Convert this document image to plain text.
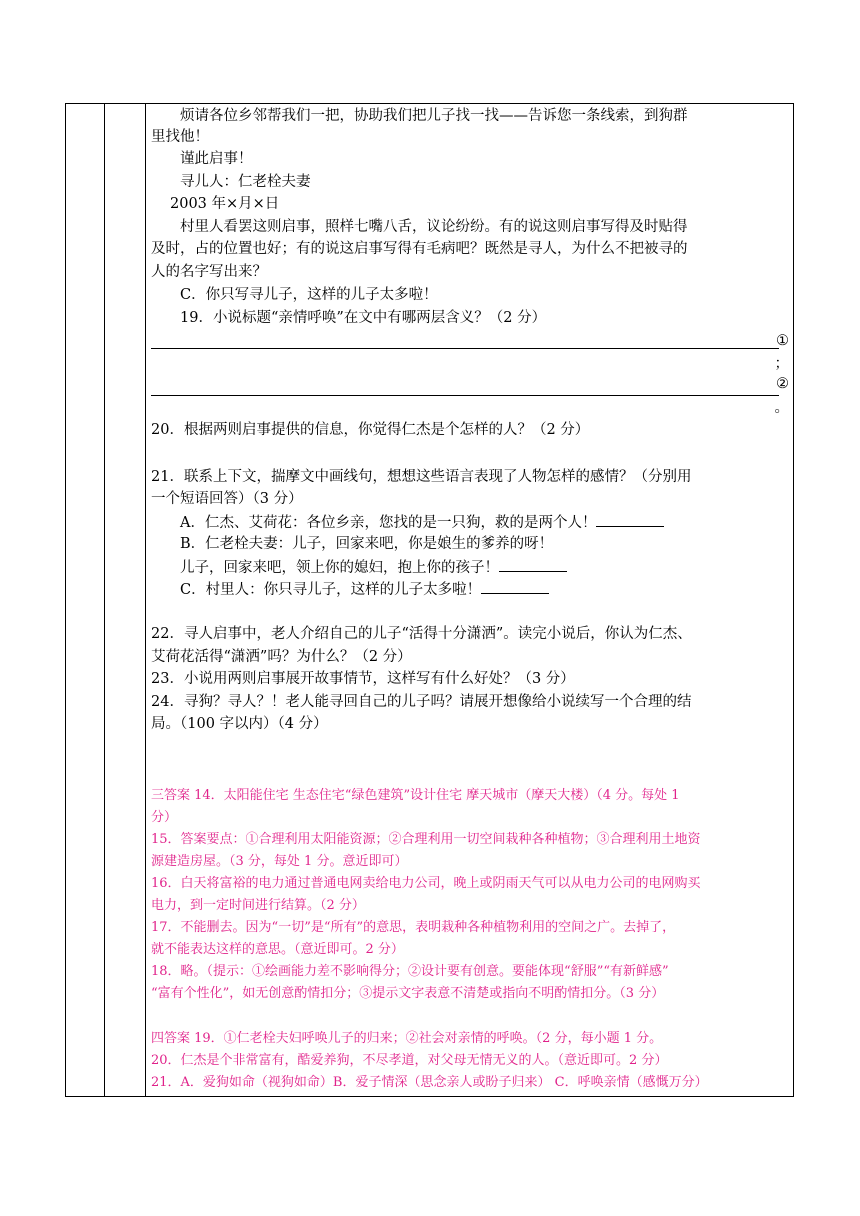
烦请各位乡邻帮我们一把，协助我们把儿子找一找——告诉您一条线索，到狗群
里找他！
谨此启事！
寻儿人：仁老栓夫妻
2003 年×月×日
村里人看罢这则启事，照样七嘴八舌，议论纷纷。有的说这则启事写得及时贴得
及时，占的位置也好；有的说这启事写得有毛病吧？既然是寻人，为什么不把被寻的
人的名字写出来？
C．你只写寻儿子，这样的儿子太多啦！
19．小说标题“亲情呼唤”在文中有哪两层含义？（2 分）
①
；
②
。
20．根据两则启事提供的信息，你觉得仁杰是个怎样的人？（2 分）
21．联系上下文，揣摩文中画线句，想想这些语言表现了人物怎样的感情？（分别用
一个短语回答）（3 分）
A．仁杰、艾荷花：各位乡亲，您找的是一只狗，救的是两个人！
B．仁老栓夫妻：儿子，回家来吧，你是娘生的爹养的呀！
儿子，回家来吧，领上你的媳妇，抱上你的孩子！
C．村里人：你只寻儿子，这样的儿子太多啦！
22．寻人启事中，老人介绍自己的儿子“活得十分潇洒”。读完小说后，你认为仁杰、
艾荷花活得“潇洒”吗？为什么？（2 分）
23．小说用两则启事展开故事情节，这样写有什么好处？（3 分）
24．寻狗？寻人？！老人能寻回自己的儿子吗？请展开想像给小说续写一个合理的结
局。（100 字以内）（4 分）
三答案 14．太阳能住宅 生态住宅“绿色建筑”设计住宅 摩天城市（摩天大楼）（4 分。每处 1
分）
15．答案要点：①合理利用太阳能资源；②合理利用一切空间栽种各种植物；③合理利用土地资
源建造房屋。（3 分，每处 1 分。意近即可）
16．白天将富裕的电力通过普通电网卖给电力公司，晚上或阴雨天气可以从电力公司的电网购买
电力，到一定时间进行结算。（2 分）
17．不能删去。因为“一切”是“所有”的意思，表明栽种各种植物利用的空间之广。去掉了，
就不能表达这样的意思。（意近即可。2 分）
18．略。（提示：①绘画能力差不影响得分；②设计要有创意。要能体现“舒服”“有新鲜感”
“富有个性化”，如无创意酌情扣分；③提示文字表意不清楚或指向不明酌情扣分。（3 分）
四答案 19．①仁老栓夫妇呼唤儿子的归来；②社会对亲情的呼唤。（2 分，每小题 1 分。
20．仁杰是个非常富有，酷爱养狗，不尽孝道，对父母无情无义的人。（意近即可。2 分）
21．A．爱狗如命（视狗如命）B．爱子情深（思念亲人或盼子归来） C．呼唤亲情（感慨万分）
